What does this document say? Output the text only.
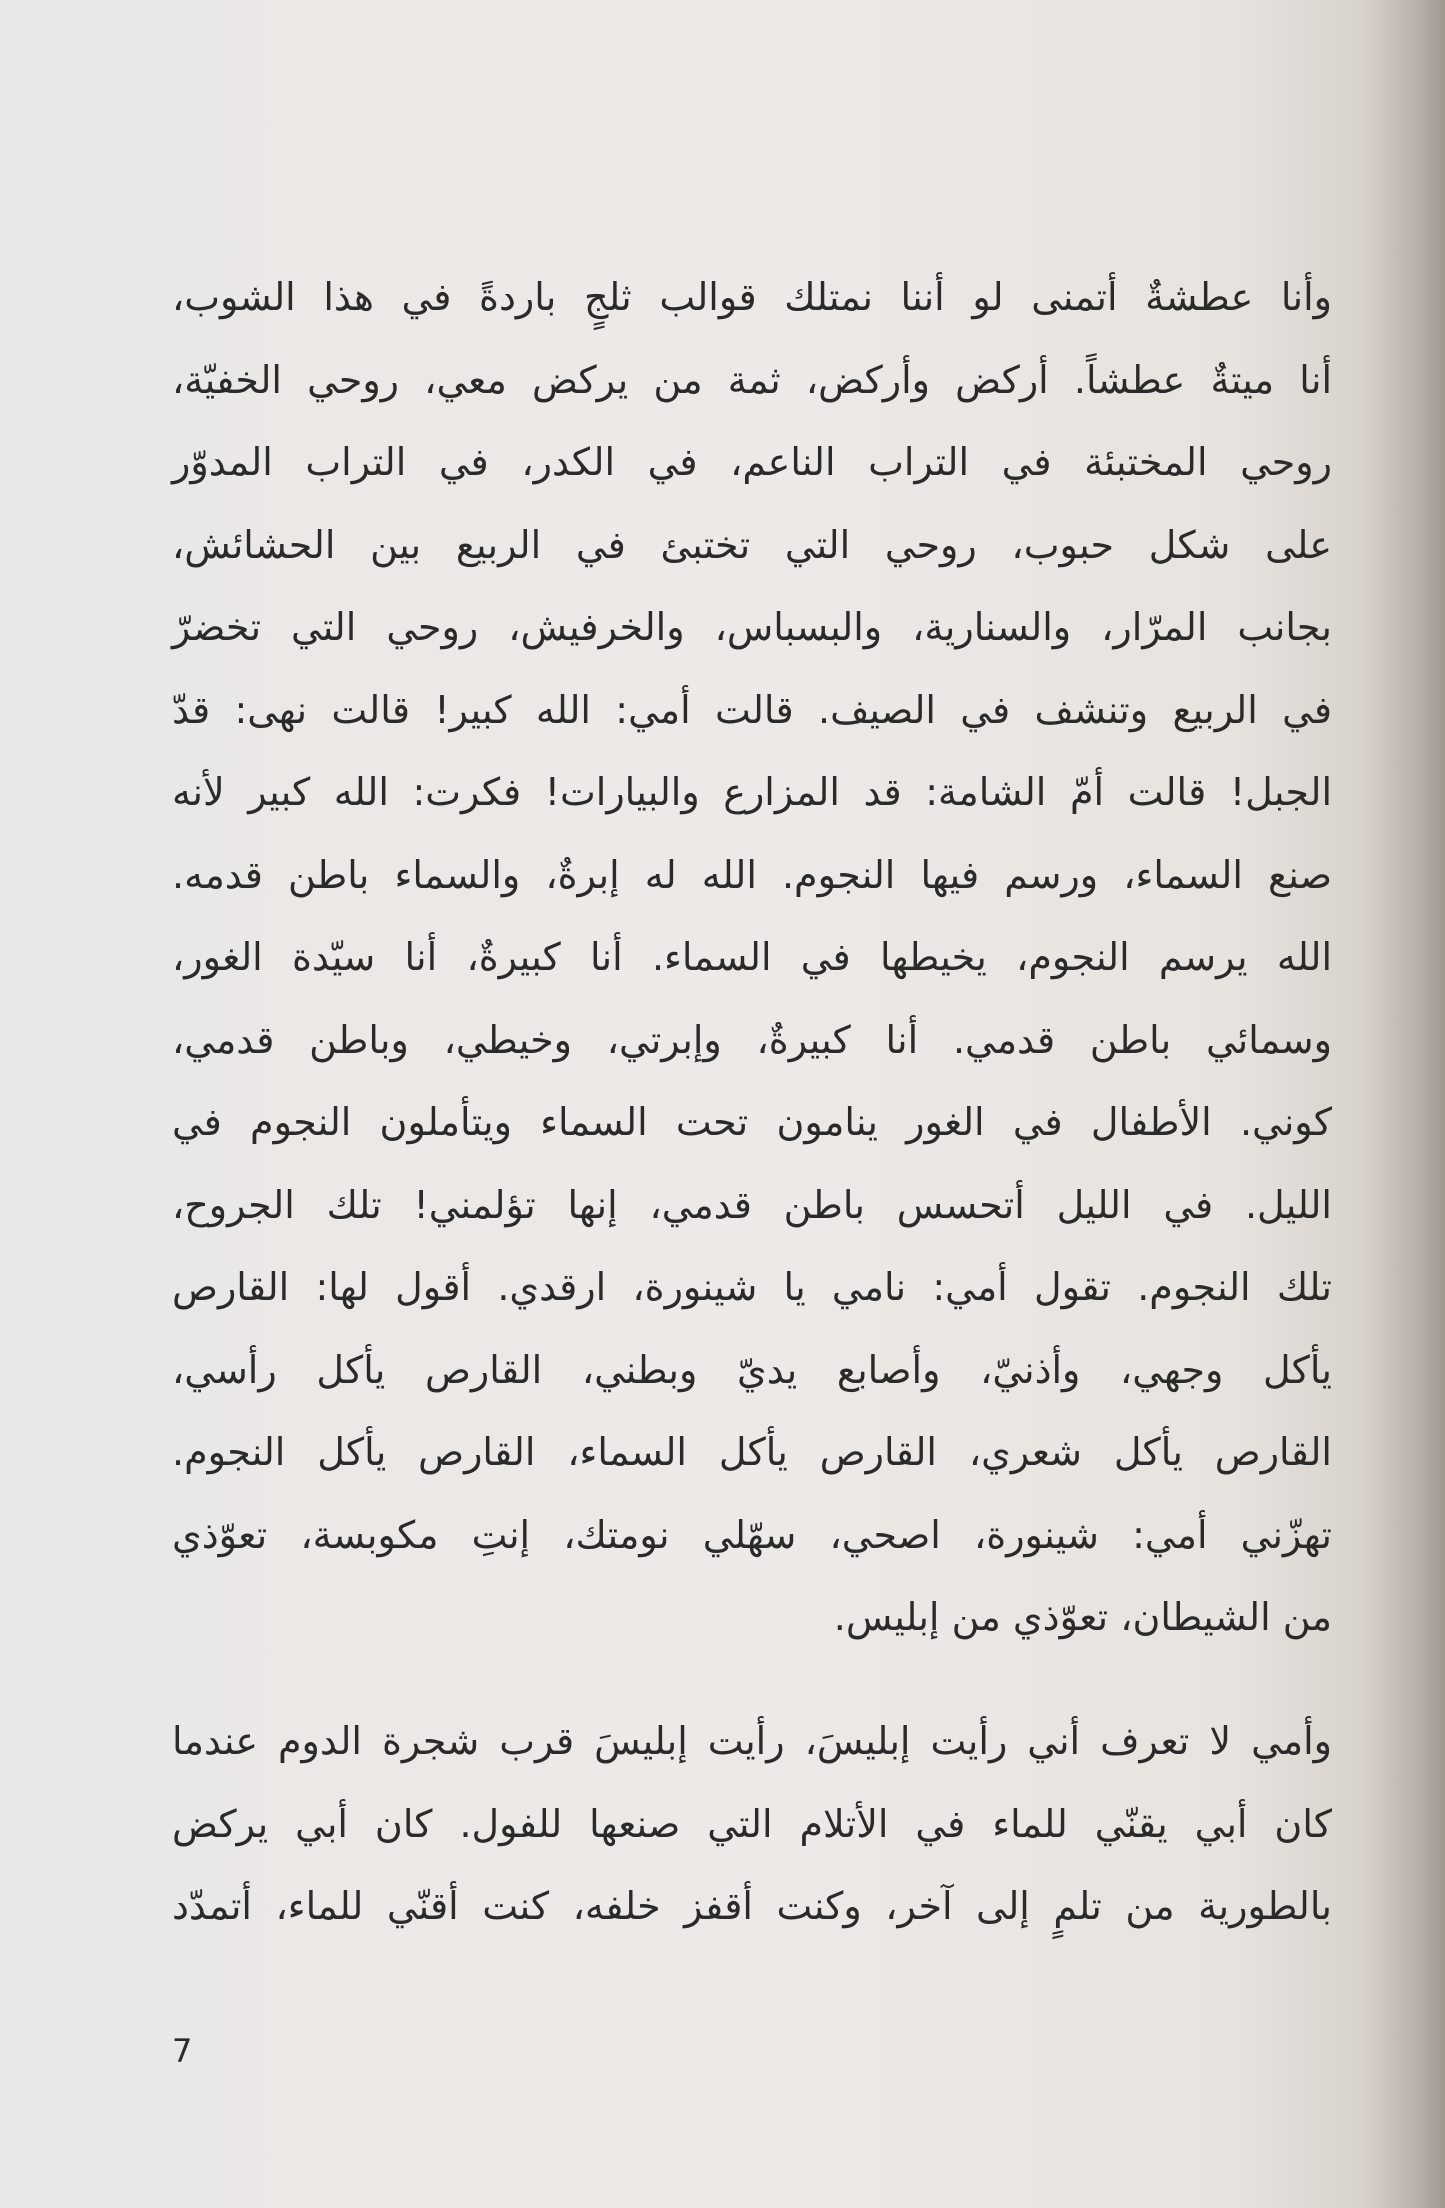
وأنا عطشةٌ أتمنى لو أننا نمتلك قوالب ثلجٍ باردةً في هذا الشوب،
أنا ميتةٌ عطشاً. أركض وأركض، ثمة من يركض معي، روحي الخفيّة،
روحي المختبئة في التراب الناعم، في الكدر، في التراب المدوّر
على شكل حبوب، روحي التي تختبئ في الربيع بين الحشائش،
بجانب المرّار، والسنارية، والبسباس، والخرفيش، روحي التي تخضرّ
في الربيع وتنشف في الصيف. قالت أمي: الله كبير! قالت نهى: قدّ
الجبل! قالت أمّ الشامة: قد المزارع والبيارات! فكرت: الله كبير لأنه
صنع السماء، ورسم فيها النجوم. الله له إبرةٌ، والسماء باطن قدمه.
الله يرسم النجوم، يخيطها في السماء. أنا كبيرةٌ، أنا سيّدة الغور،
وسمائي باطن قدمي. أنا كبيرةٌ، وإبرتي، وخيطي، وباطن قدمي،
كوني. الأطفال في الغور ينامون تحت السماء ويتأملون النجوم في
الليل. في الليل أتحسس باطن قدمي، إنها تؤلمني! تلك الجروح،
تلك النجوم. تقول أمي: نامي يا شينورة، ارقدي. أقول لها: القارص
يأكل وجهي، وأذنيّ، وأصابع يديّ وبطني، القارص يأكل رأسي،
القارص يأكل شعري، القارص يأكل السماء، القارص يأكل النجوم.
تهزّني أمي: شينورة، اصحي، سهّلي نومتك، إنتِ مكوبسة، تعوّذي
من الشيطان، تعوّذي من إبليس.
وأمي لا تعرف أني رأيت إبليسَ، رأيت إبليسَ قرب شجرة الدوم عندما
كان أبي يقنّي للماء في الأتلام التي صنعها للفول. كان أبي يركض
بالطورية من تلمٍ إلى آخر، وكنت أقفز خلفه، كنت أقنّي للماء، أتمدّد
7
